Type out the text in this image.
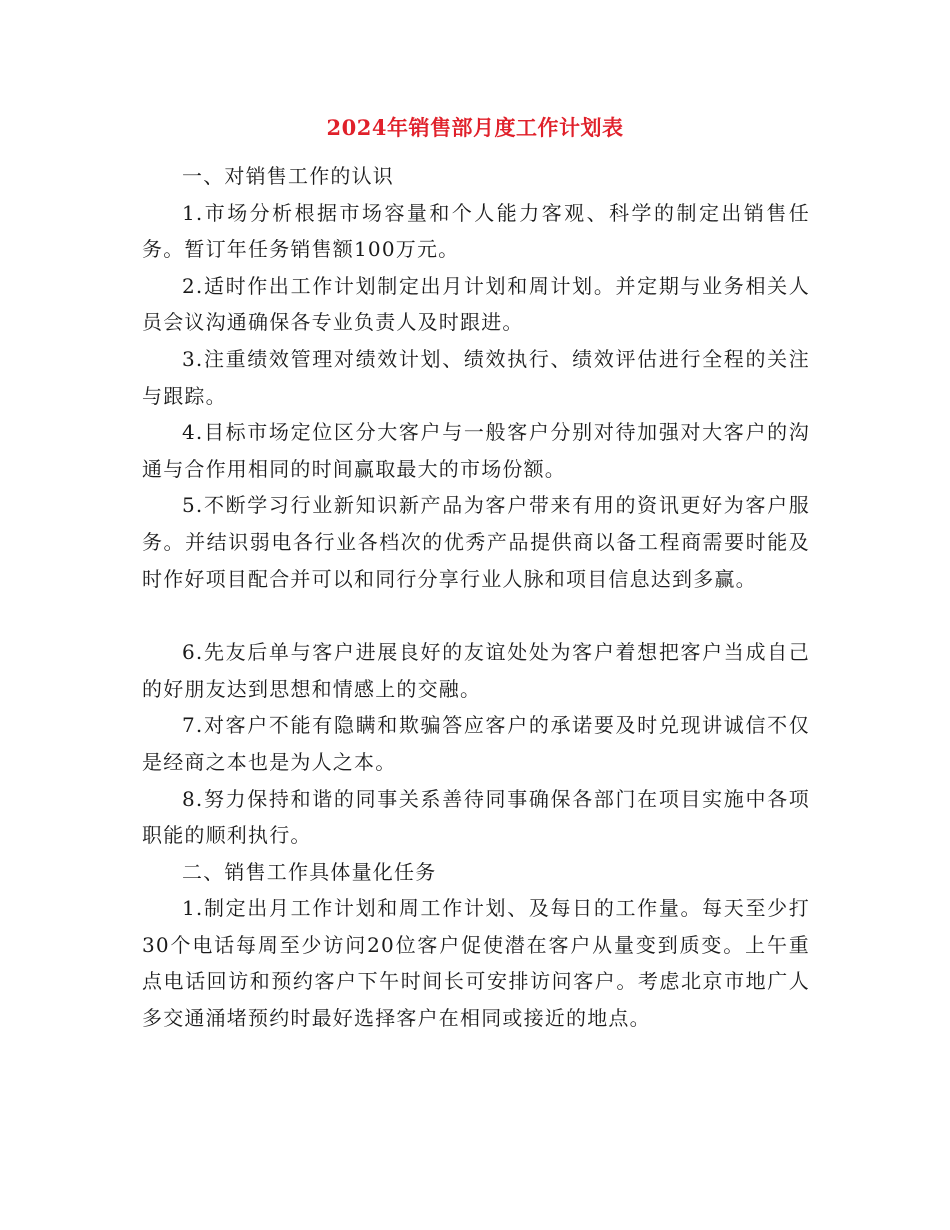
2024年销售部月度工作计划表

一、对销售工作的认识

1.市场分析根据市场容量和个人能力客观、科学的制定出销售任务。暂订年任务销售额100万元。

2.适时作出工作计划制定出月计划和周计划。并定期与业务相关人员会议沟通确保各专业负责人及时跟进。

3.注重绩效管理对绩效计划、绩效执行、绩效评估进行全程的关注与跟踪。

4.目标市场定位区分大客户与一般客户分别对待加强对大客户的沟通与合作用相同的时间赢取最大的市场份额。

5.不断学习行业新知识新产品为客户带来有用的资讯更好为客户服务。并结识弱电各行业各档次的优秀产品提供商以备工程商需要时能及时作好项目配合并可以和同行分享行业人脉和项目信息达到多赢。

6.先友后单与客户进展良好的友谊处处为客户着想把客户当成自己的好朋友达到思想和情感上的交融。

7.对客户不能有隐瞒和欺骗答应客户的承诺要及时兑现讲诚信不仅是经商之本也是为人之本。

8.努力保持和谐的同事关系善待同事确保各部门在项目实施中各项职能的顺利执行。

二、销售工作具体量化任务

1.制定出月工作计划和周工作计划、及每日的工作量。每天至少打30个电话每周至少访问20位客户促使潜在客户从量变到质变。上午重点电话回访和预约客户下午时间长可安排访问客户。考虑北京市地广人多交通涌堵预约时最好选择客户在相同或接近的地点。
